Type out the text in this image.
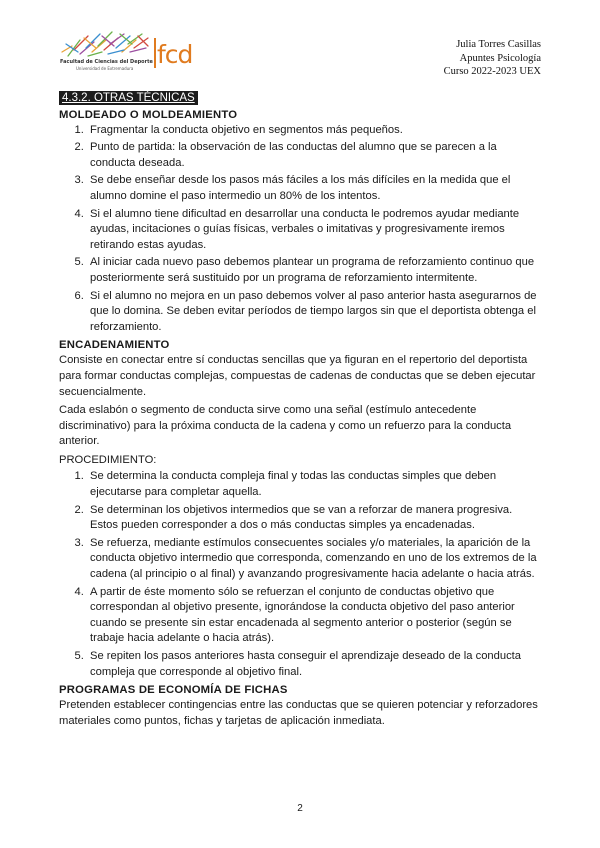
fcd
Facultad de Ciencias del Deporte
Universidad de Extremadura
Julia Torres Casillas
Apuntes Psicología
Curso 2022-2023 UEX
4.3.2. OTRAS TÉCNICAS
MOLDEADO O MOLDEAMIENTO
1. Fragmentar la conducta objetivo en segmentos más pequeños.
2. Punto de partida: la observación de las conductas del alumno que se parecen a la conducta deseada.
3. Se debe enseñar desde los pasos más fáciles a los más difíciles en la medida que el alumno domine el paso intermedio un 80% de los intentos.
4. Si el alumno tiene dificultad en desarrollar una conducta le podremos ayudar mediante ayudas, incitaciones o guías físicas, verbales o imitativas y progresivamente iremos retirando estas ayudas.
5. Al iniciar cada nuevo paso debemos plantear un programa de reforzamiento continuo que posteriormente será sustituido por un programa de reforzamiento intermitente.
6. Si el alumno no mejora en un paso debemos volver al paso anterior hasta asegurarnos de que lo domina. Se deben evitar períodos de tiempo largos sin que el deportista obtenga el reforzamiento.
ENCADENAMIENTO

Consiste en conectar entre sí conductas sencillas que ya figuran en el repertorio del deportista para formar conductas complejas, compuestas de cadenas de conductas que se deben ejecutar secuencialmente.

Cada eslabón o segmento de conducta sirve como una señal (estímulo antecedente discriminativo) para la próxima conducta de la cadena y como un refuerzo para la conducta anterior.

PROCEDIMIENTO:

1. Se determina la conducta compleja final y todas las conductas simples que deben ejecutarse para completar aquella.
2. Se determinan los objetivos intermedios que se van a reforzar de manera progresiva. Estos pueden corresponder a dos o más conductas simples ya encadenadas.
3. Se refuerza, mediante estímulos consecuentes sociales y/o materiales, la aparición de la conducta objetivo intermedio que corresponda, comenzando en uno de los extremos de la cadena (al principio o al final) y avanzando progresivamente hacia adelante o hacia atrás.
4. A partir de éste momento sólo se refuerzan el conjunto de conductas objetivo que correspondan al objetivo presente, ignorándose la conducta objetivo del paso anterior cuando se presente sin estar encadenada al segmento anterior o posterior (según se trabaje hacia adelante o hacia atrás).
5. Se repiten los pasos anteriores hasta conseguir el aprendizaje deseado de la conducta compleja que corresponde al objetivo final.
PROGRAMAS DE ECONOMÍA DE FICHAS

Pretenden establecer contingencias entre las conductas que se quieren potenciar y reforzadores materiales como puntos, fichas y tarjetas de aplicación inmediata.

2
